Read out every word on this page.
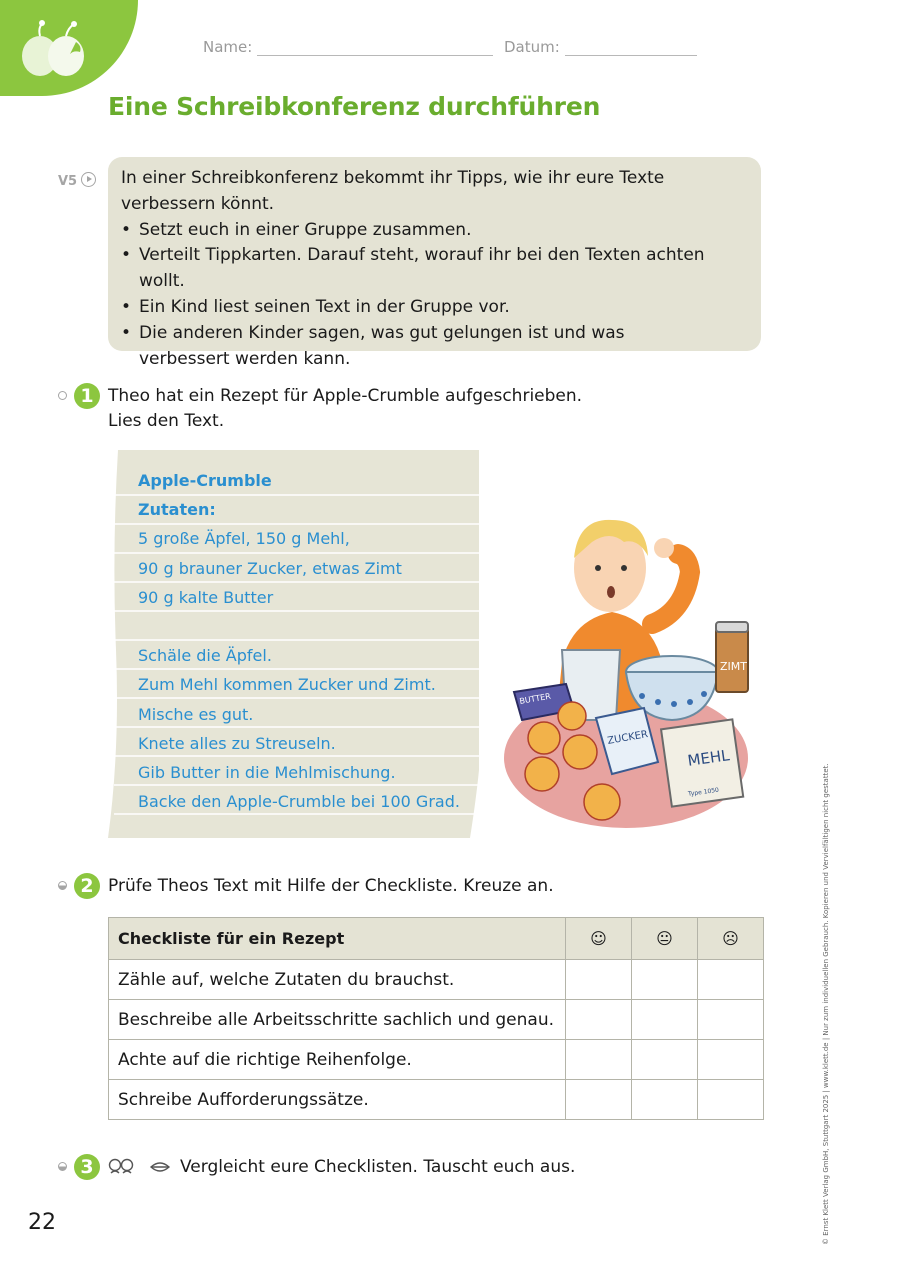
Name:	Datum:
Eine Schreibkonferenz durchführen
V5	In einer Schreibkonferenz bekommt ihr Tipps, wie ihr eure Texte verbessern könnt.
• Setzt euch in einer Gruppe zusammen.
• Verteilt Tippkarten. Darauf steht, worauf ihr bei den Texten achten wollt.
• Ein Kind liest seinen Text in der Gruppe vor.
• Die anderen Kinder sagen, was gut gelungen ist und was verbessert werden kann.
1 Theo hat ein Rezept für Apple-Crumble aufgeschrieben.
Lies den Text.
Apple-Crumble
Zutaten:
5 große Äpfel, 150 g Mehl,
90 g brauner Zucker, etwas Zimt
90 g kalte Butter
Schäle die Äpfel.
Zum Mehl kommen Zucker und Zimt.
Mische es gut.
Knete alles zu Streuseln.
Gib Butter in die Mehlmischung.
Backe den Apple-Crumble bei 100 Grad.
ZIMT
BUTTER
ZUCKER
MEHL
Type 1050
2 Prüfe Theos Text mit Hilfe der Checkliste. Kreuze an.
Checkliste für ein Rezept	☺	😐	☹
Zähle auf, welche Zutaten du brauchst.			
Beschreibe alle Arbeitsschritte sachlich und genau.			
Achte auf die richtige Reihenfolge.			
Schreibe Aufforderungssätze.			
3	Vergleicht eure Checklisten. Tauscht euch aus.
22	© Ernst Klett Verlag GmbH, Stuttgart 2025 | www.klett.de | Nur zum individuellen Gebrauch. Kopieren und Vervielfältigen nicht gestattet.
